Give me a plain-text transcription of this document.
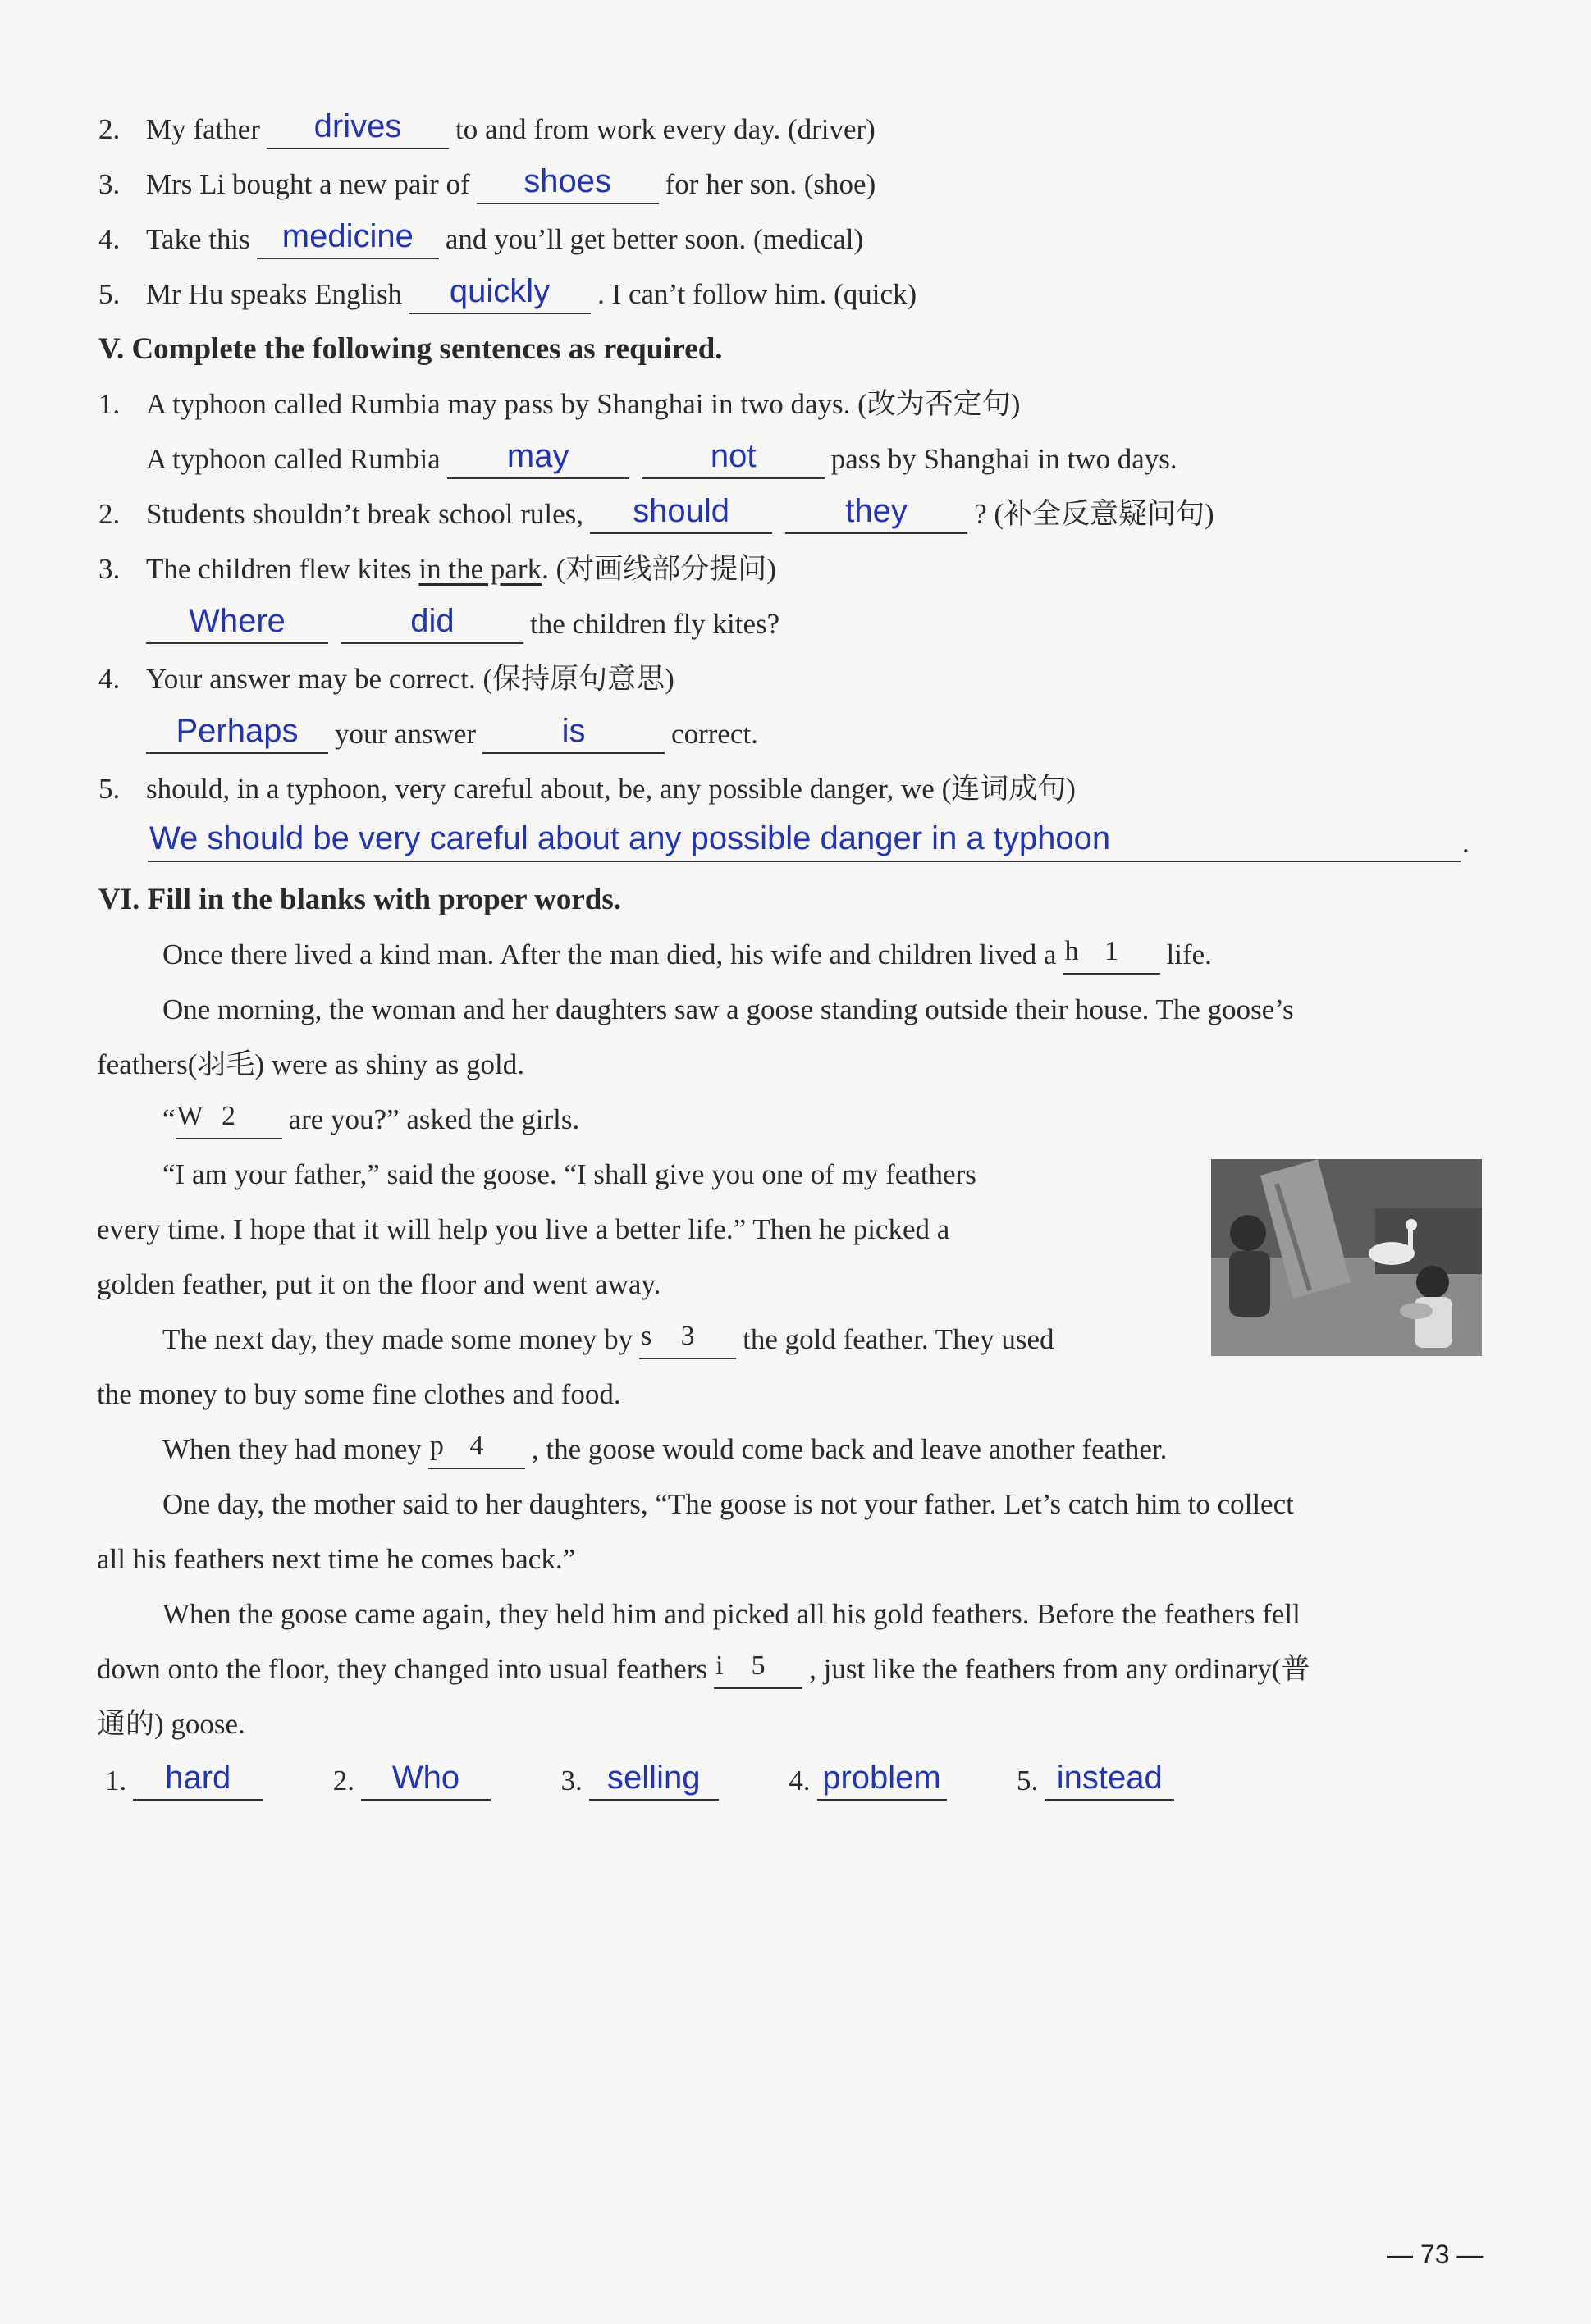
2. My father	drives	to and from work every day. (driver)
3. Mrs Li bought a new pair of	shoes	for her son. (shoe)
4. Take this medicine	and you’ll get better soon. (medical)
5. Mr Hu speaks English	quickly	. I can’t follow him. (quick)
V. Complete the following sentences as required.
1. A typhoon called Rumbia may pass by Shanghai in two days. (改为否定句)
A typhoon called Rumbia	may	not	pass by Shanghai in two days.
2. Students shouldn’t break school rules,	should	they	? (补全反意疑问句)
3. The children flew kites in the park. (对画线部分提问)
Where	did	the children fly kites?
4. Your answer may be correct. (保持原句意思)
Perhaps	your answer	is	correct.
5. should, in a typhoon, very careful about, be, any possible danger, we (连词成句)
We should be very careful about any possible danger in a typhoon	.
VI. Fill in the blanks with proper words.
Once there lived a kind man. After the man died, his wife and children lived a h 1	life.
One morning, the woman and her daughters saw a goose standing outside their house. The goose’s
feathers(羽毛) were as shiny as gold.
“ W 2	are you?” asked the girls.
“I am your father,” said the goose. “I shall give you one of my feathers
every time. I hope that it will help you live a better life.” Then he picked a
golden feather, put it on the floor and went away.
The next day, they made some money by s	3	the gold feather. They used
the money to buy some fine clothes and food.
When they had money p 4	, the goose would come back and leave another feather.
One day, the mother said to her daughters, “The goose is not your father. Let’s catch him to collect
all his feathers next time he comes back.”
When the goose came again, they held him and picked all his gold feathers. Before the feathers fell
down onto the floor, they changed into usual feathers i	5	, just like the feathers from any ordinary(普
通的) goose.
1.	hard	2.	Who	3. selling	4. problem	5. instead
— 73 —
